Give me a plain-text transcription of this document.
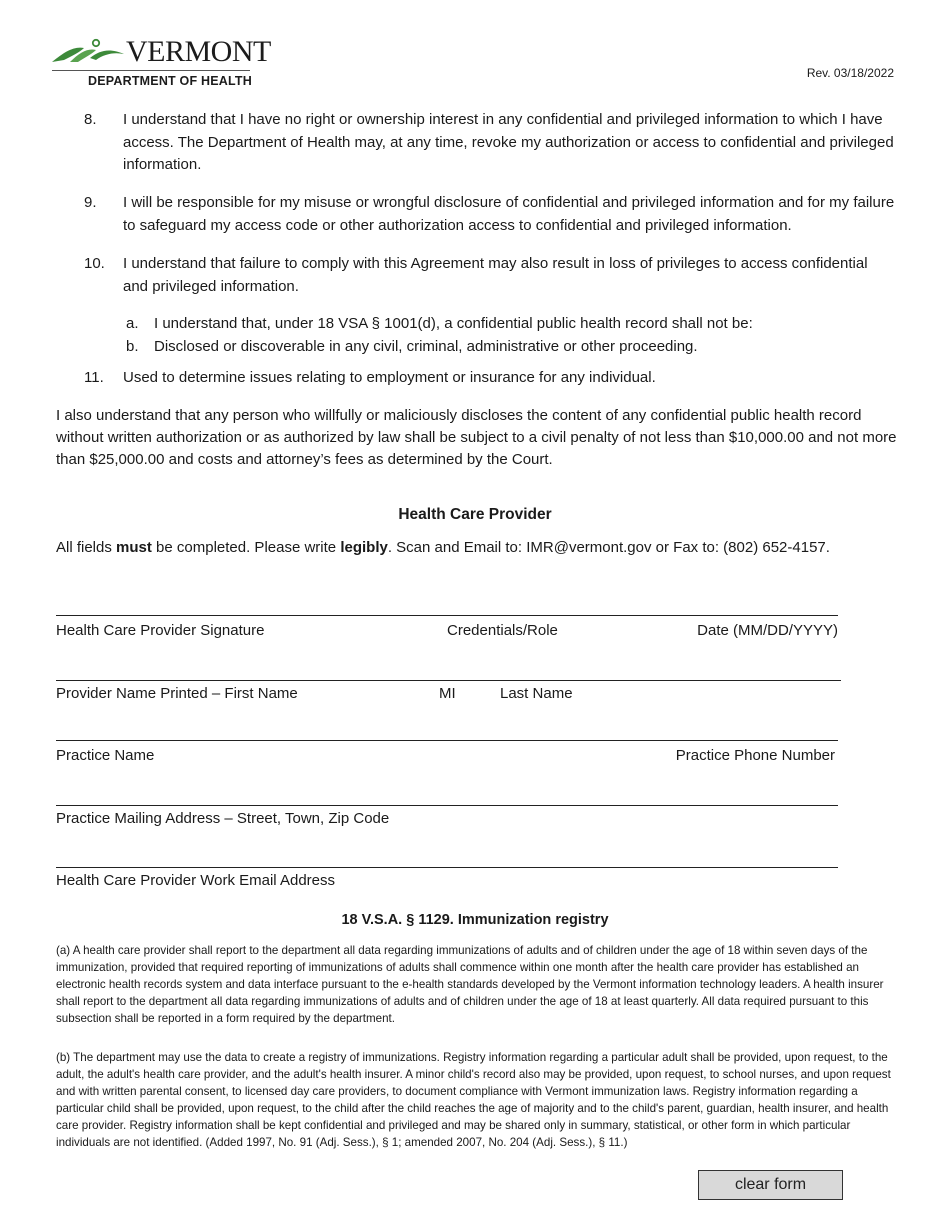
VERMONT
DEPARTMENT OF HEALTH
Rev. 03/18/2022
8. I understand that I have no right or ownership interest in any confidential and privileged information to which I have access. The Department of Health may, at any time, revoke my authorization or access to confidential and privileged information.
9. I will be responsible for my misuse or wrongful disclosure of confidential and privileged information and for my failure to safeguard my access code or other authorization access to confidential and privileged information.
10. I understand that failure to comply with this Agreement may also result in loss of privileges to access confidential and privileged information.
a. I understand that, under 18 VSA § 1001(d), a confidential public health record shall not be:
b. Disclosed or discoverable in any civil, criminal, administrative or other proceeding.
11. Used to determine issues relating to employment or insurance for any individual.
I also understand that any person who willfully or maliciously discloses the content of any confidential public health record without written authorization or as authorized by law shall be subject to a civil penalty of not less than $10,000.00 and not more than $25,000.00 and costs and attorney’s fees as determined by the Court.
Health Care Provider
All fields must be completed. Please write legibly. Scan and Email to: IMR@vermont.gov or Fax to: (802) 652-4157.
Health Care Provider Signature	Credentials/Role	Date (MM/DD/YYYY)
Provider Name Printed – First Name	MI	Last Name
Practice Name	Practice Phone Number
Practice Mailing Address – Street, Town, Zip Code
Health Care Provider Work Email Address
18 V.S.A. § 1129. Immunization registry
(a) A health care provider shall report to the department all data regarding immunizations of adults and of children under the age of 18 within seven days of the immunization, provided that required reporting of immunizations of adults shall commence within one month after the health care provider has established an electronic health records system and data interface pursuant to the e-health standards developed by the Vermont information technology leaders. A health insurer shall report to the department all data regarding immunizations of adults and of children under the age of 18 at least quarterly. All data required pursuant to this subsection shall be reported in a form required by the department.
(b) The department may use the data to create a registry of immunizations. Registry information regarding a particular adult shall be provided, upon request, to the adult, the adult's health care provider, and the adult's health insurer. A minor child's record also may be provided, upon request, to school nurses, and upon request and with written parental consent, to licensed day care providers, to document compliance with Vermont immunization laws. Registry information regarding a particular child shall be provided, upon request, to the child after the child reaches the age of majority and to the child's parent, guardian, health insurer, and health care provider. Registry information shall be kept confidential and privileged and may be shared only in summary, statistical, or other form in which particular individuals are not identified. (Added 1997, No. 91 (Adj. Sess.), § 1; amended 2007, No. 204 (Adj. Sess.), § 11.)
clear form
